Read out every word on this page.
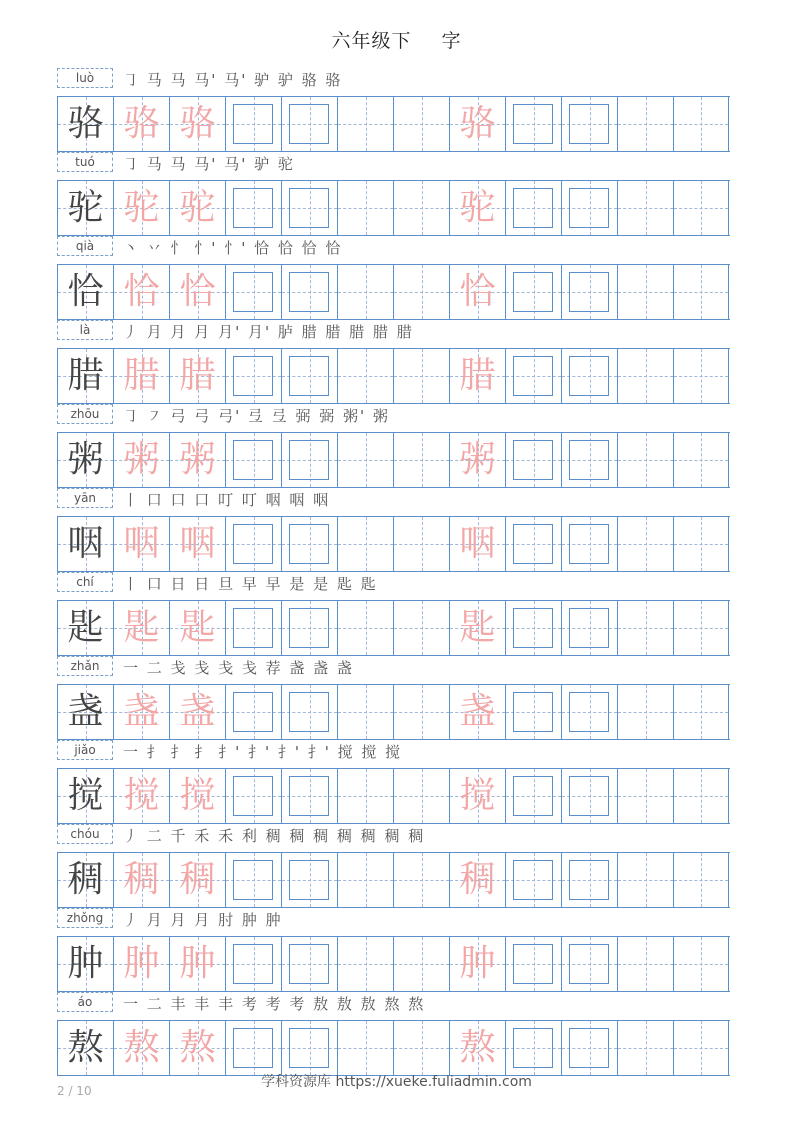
六年级下 字
luò	㇆ 马 马 马' 马' 驴 驴 骆 骆
骆 骆 骆	骆
tuó	㇆ 马 马 马' 马' 驴 驼
驼 驼 驼	驼
qià	丶 丷 忄 忄' 忄' 恰 恰 恰 恰
恰 恰 恰	恰
là	丿 月 月 月 月' 月' 胪 腊 腊 腊 腊 腊
腊 腊 腊	腊
zhōu	㇆ ㇇ 弓 弓 弓' 弖 弖 弼 弼 粥' 粥
粥 粥 粥	粥
yān	丨 口 口 口 叮 叮 咽 咽 咽
咽 咽 咽	咽
chí	丨 口 日 日 旦 早 早 是 是 匙 匙
匙 匙 匙	匙
zhǎn	一 二 戋 戋 戋 戋 荐 盏 盏 盏
盏 盏 盏	盏
jiǎo	一 扌 扌 扌 扌' 扌' 扌' 扌' 搅 搅 搅
搅 搅 搅	搅
chóu	丿 二 千 禾 禾 利 稠 稠 稠 稠 稠 稠 稠
稠 稠 稠	稠
zhǒng	丿 月 月 月 肘 肿 肿
肿 肿 肿	肿
áo	一 二 丰 丰 丰 考 考 考 敖 敖 敖 熬 熬
熬 熬 熬	熬
学科资源库 https://xueke.fuliadmin.com
2 / 10
